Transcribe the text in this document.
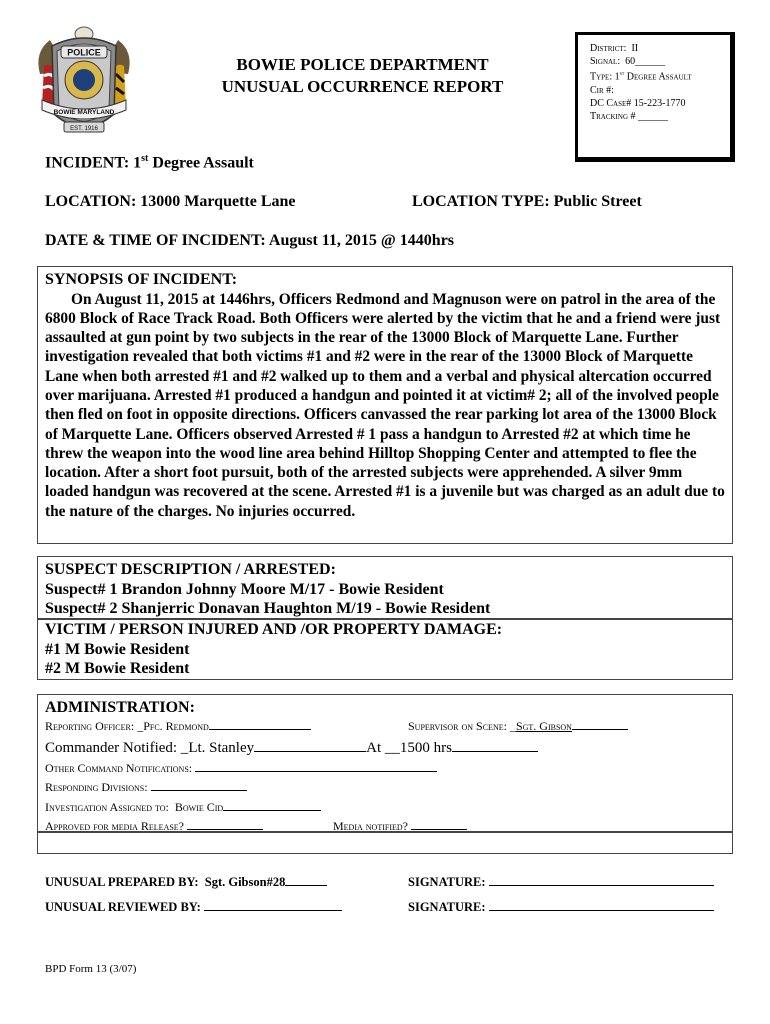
POLICE
BOWIE MARYLAND
EST. 1916
BOWIE POLICE DEPARTMENT
UNUSUAL OCCURRENCE REPORT
District: II
Signal: 60______
Type: 1st Degree Assault
Cir #:
DC Case# 15-223-1770
Tracking # ______
INCIDENT: 1st Degree Assault
LOCATION: 13000 Marquette Lane	LOCATION TYPE: Public Street
DATE & TIME OF INCIDENT: August 11, 2015 @ 1440hrs
SYNOPSIS OF INCIDENT:
On August 11, 2015 at 1446hrs, Officers Redmond and Magnuson were on patrol in the area of the 6800 Block of Race Track Road. Both Officers were alerted by the victim that he and a friend were just assaulted at gun point by two subjects in the rear of the 13000 Block of Marquette Lane. Further investigation revealed that both victims #1 and #2 were in the rear of the 13000 Block of Marquette Lane when both arrested #1 and #2 walked up to them and a verbal and physical altercation occurred over marijuana. Arrested #1 produced a handgun and pointed it at victim# 2; all of the involved people then fled on foot in opposite directions. Officers canvassed the rear parking lot area of the 13000 Block of Marquette Lane. Officers observed Arrested # 1 pass a handgun to Arrested #2 at which time he threw the weapon into the wood line area behind Hilltop Shopping Center and attempted to flee the location. After a short foot pursuit, both of the arrested subjects were apprehended. A silver 9mm loaded handgun was recovered at the scene. Arrested #1 is a juvenile but was charged as an adult due to the nature of the charges. No injuries occurred.
SUSPECT DESCRIPTION / ARRESTED:
Suspect# 1 Brandon Johnny Moore M/17 - Bowie Resident
Suspect# 2 Shanjerric Donavan Haughton M/19 - Bowie Resident
VICTIM / PERSON INJURED AND /OR PROPERTY DAMAGE:
#1 M Bowie Resident
#2 M Bowie Resident
ADMINISTRATION:
Reporting Officer: _Pfc. Redmond	Supervisor on Scene: _Sgt. Gibson
Commander Notified: _Lt. Stanley	At __1500 hrs
Other Command Notifications:
Responding Divisions:
Investigation Assigned to: Bowie Cid
Approved for media Release?	Media notified?
UNUSUAL PREPARED BY: Sgt. Gibson#28	SIGNATURE:
UNUSUAL REVIEWED BY:	SIGNATURE:
BPD Form 13 (3/07)
